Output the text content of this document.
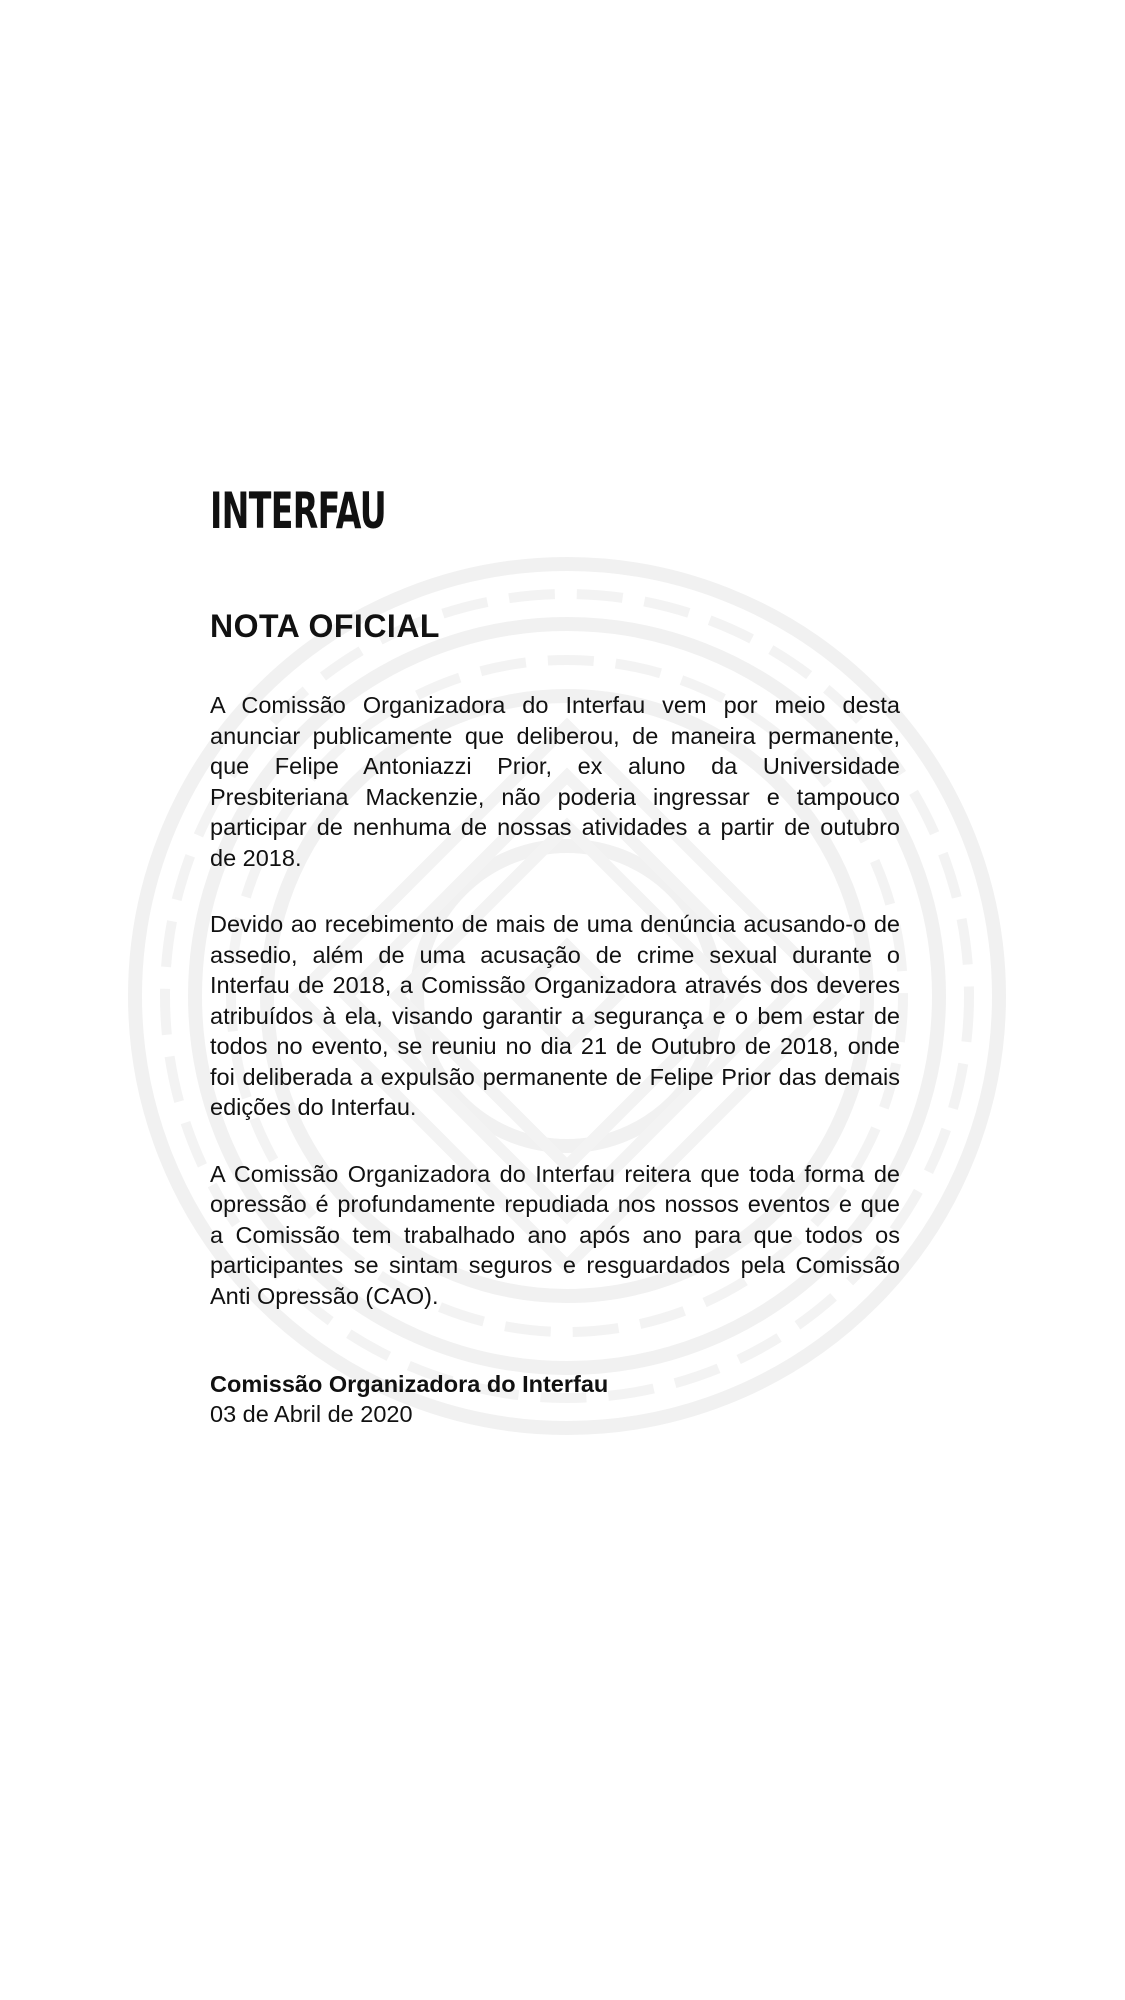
INTERFAU
NOTA OFICIAL

A Comissão Organizadora do Interfau vem por meio desta anunciar publicamente que deliberou, de maneira permanente, que Felipe Antoniazzi Prior, ex aluno da Universidade Presbiteriana Mackenzie, não poderia ingressar e tampouco participar de nenhuma de nossas atividades a partir de outubro de 2018.

Devido ao recebimento de mais de uma denúncia acusando-o de assedio, além de uma acusação de crime sexual durante o Interfau de 2018, a Comissão Organizadora através dos deveres atribuídos à ela, visando garantir a segurança e o bem estar de todos no evento, se reuniu no dia 21 de Outubro de 2018, onde foi deliberada a expulsão permanente de Felipe Prior das demais edições do Interfau.

A Comissão Organizadora do Interfau reitera que toda forma de opressão é profundamente repudiada nos nossos eventos e que a Comissão tem trabalhado ano após ano para que todos os participantes se sintam seguros e resguardados pela Comissão Anti Opressão (CAO).

Comissão Organizadora do Interfau
03 de Abril de 2020
